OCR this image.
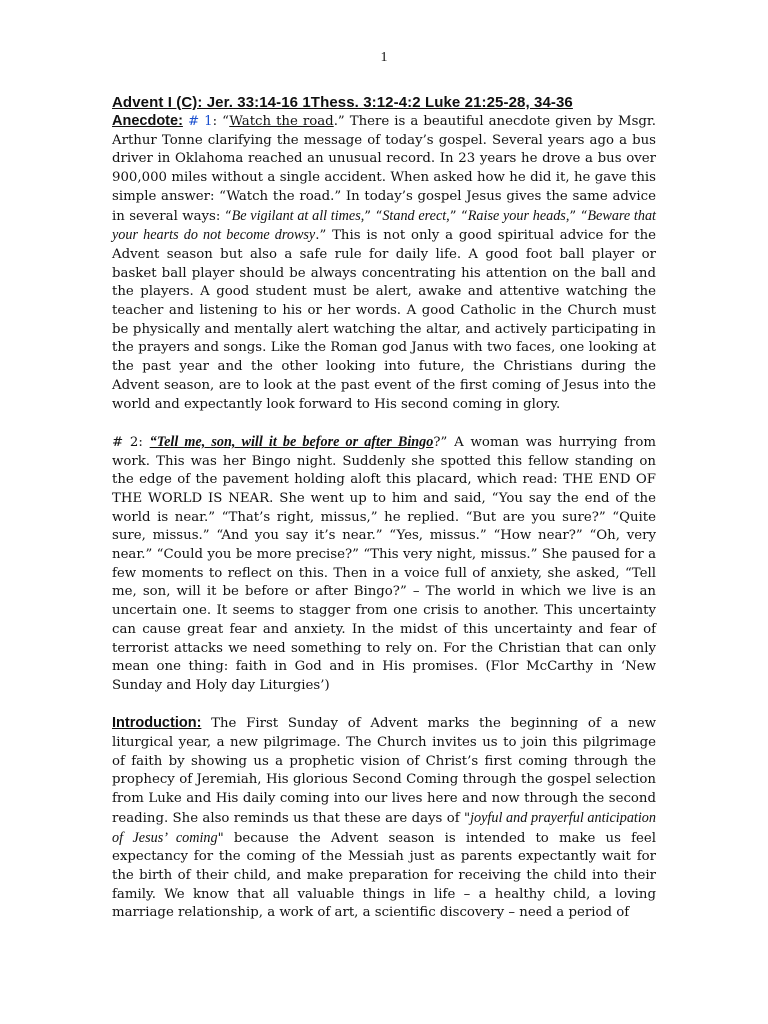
1
Advent I (C): Jer. 33:14-16 1Thess. 3:12-4:2 Luke 21:25-28, 34-36

Anecdote: # 1: “Watch the road.” There is a beautiful anecdote given by Msgr. Arthur Tonne clarifying the message of today’s gospel. Several years ago a bus driver in Oklahoma reached an unusual record. In 23 years he drove a bus over 900,000 miles without a single accident. When asked how he did it, he gave this simple answer: “Watch the road.” In today’s gospel Jesus gives the same advice in several ways: “Be vigilant at all times,” “Stand erect,” “Raise your heads,” “Beware that your hearts do not become drowsy.” This is not only a good spiritual advice for the Advent season but also a safe rule for daily life. A good foot ball player or basket ball player should be always concentrating his attention on the ball and the players. A good student must be alert, awake and attentive watching the teacher and listening to his or her words. A good Catholic in the Church must be physically and mentally alert watching the altar, and actively participating in the prayers and songs. Like the Roman god Janus with two faces, one looking at the past year and the other looking into future, the Christians during the Advent season, are to look at the past event of the first coming of Jesus into the world and expectantly look forward to His second coming in glory.

# 2: “Tell me, son, will it be before or after Bingo?” A woman was hurrying from work. This was her Bingo night. Suddenly she spotted this fellow standing on the edge of the pavement holding aloft this placard, which read: THE END OF THE WORLD IS NEAR. She went up to him and said, “You say the end of the world is near.” “That’s right, missus,” he replied. “But are you sure?” “Quite sure, missus.” “And you say it’s near.” “Yes, missus.” “How near?” “Oh, very near.” “Could you be more precise?” “This very night, missus.” She paused for a few moments to reflect on this. Then in a voice full of anxiety, she asked, “Tell me, son, will it be before or after Bingo?” – The world in which we live is an uncertain one. It seems to stagger from one crisis to another. This uncertainty can cause great fear and anxiety. In the midst of this uncertainty and fear of terrorist attacks we need something to rely on. For the Christian that can only mean one thing: faith in God and in His promises. (Flor McCarthy in ‘New Sunday and Holy day Liturgies’)

Introduction: The First Sunday of Advent marks the beginning of a new liturgical year, a new pilgrimage. The Church invites us to join this pilgrimage of faith by showing us a prophetic vision of Christ’s first coming through the prophecy of Jeremiah, His glorious Second Coming through the gospel selection from Luke and His daily coming into our lives here and now through the second reading. She also reminds us that these are days of "joyful and prayerful anticipation of Jesus’ coming" because the Advent season is intended to make us feel expectancy for the coming of the Messiah just as parents expectantly wait for the birth of their child, and make preparation for receiving the child into their family. We know that all valuable things in life – a healthy child, a loving marriage relationship, a work of art, a scientific discovery – need a period of
